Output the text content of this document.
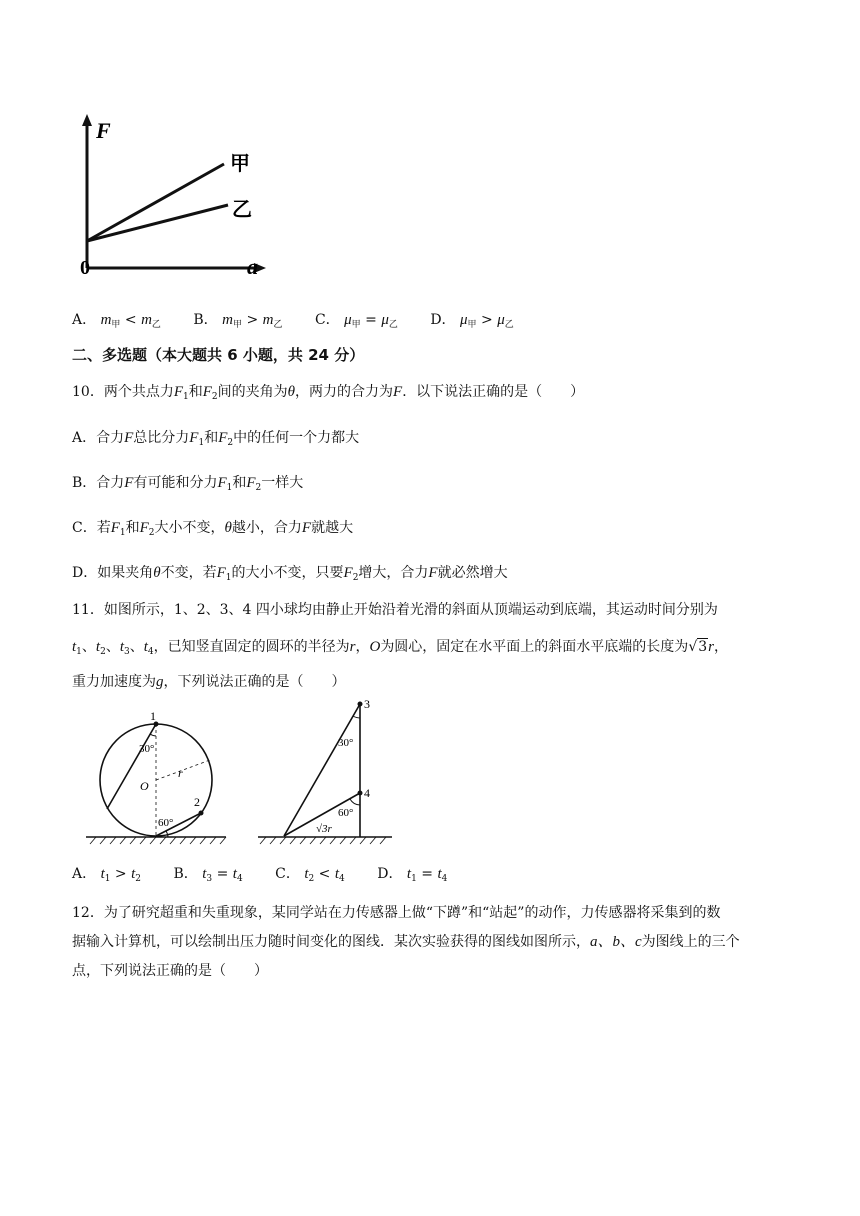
F
a
0
甲
乙
A． $m_甲 < m_乙$ B． $m_甲 > m_乙$ C． $\mu_甲 = \mu_乙$ D． $\mu_甲 > \mu_乙$
二、多选题（本大题共 6 小题，共 24 分）
10．两个共点力$F_1$和$F_2$间的夹角为θ，两力的合力为F．以下说法正确的是（　　）
A．合力F总比分力$F_1$和$F_2$中的任何一个力都大
B．合力F有可能和分力$F_1$和$F_2$一样大
C．若$F_1$和$F_2$大小不变，θ越小，合力F就越大
D．如果夹角θ不变，若$F_1$的大小不变，只要$F_2$增大，合力F就必然增大
11．如图所示，1、2、3、4 四小球均由静止开始沿着光滑的斜面从顶端运动到底端，其运动时间分别为
$t_1$、$t_2$、$t_3$、$t_4$，已知竖直固定的圆环的半径为r，O为圆心，固定在水平面上的斜面水平底端的长度为√3r，
重力加速度为g，下列说法正确的是（　　）
1
2
30°
60°
O
r
3
4
30°
60°
√3r
A． $t_1 > t_2$ B． $t_3 = t_4$ C． $t_2 < t_4$ D． $t_1 = t_4$
12．为了研究超重和失重现象，某同学站在力传感器上做“下蹲”和“站起”的动作，力传感器将采集到的数
据输入计算机，可以绘制出压力随时间变化的图线．某次实验获得的图线如图所示，a、b、c为图线上的三个
点，下列说法正确的是（　　）
